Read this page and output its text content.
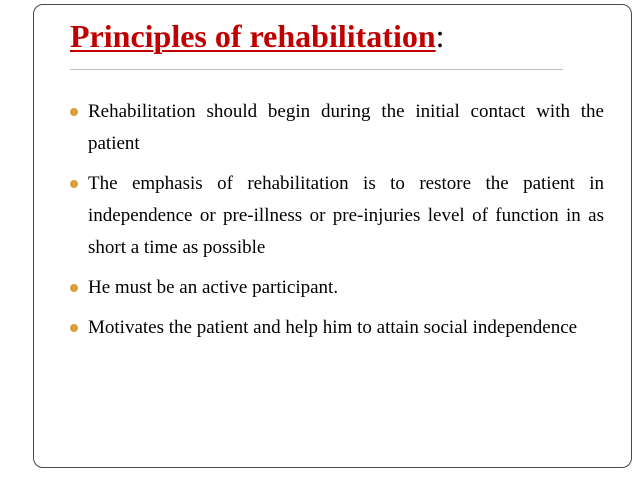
Principles of rehabilitation:
Rehabilitation should begin during the initial contact with the patient
The emphasis of rehabilitation is to restore the patient in independence or pre-illness or pre-injuries level of function in as short a time as possible
He must be an active participant.
Motivates the patient and help him to attain social independence
